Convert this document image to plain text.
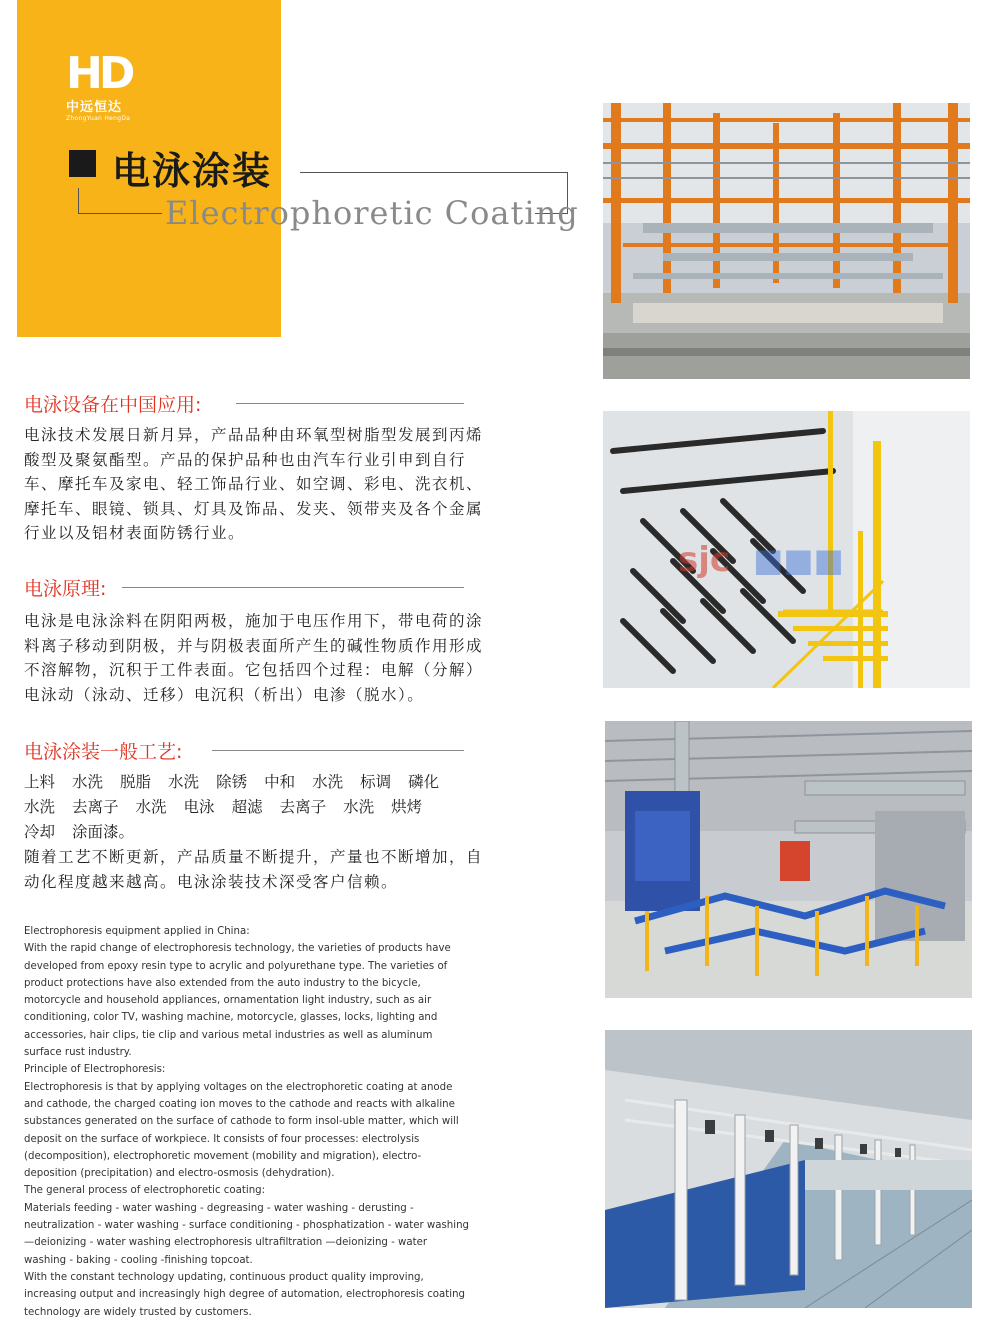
HD
中远恒达
ZhongYuan HengDa
电泳涂装
Electrophoretic Coating
电泳设备在中国应用:

电泳技术发展日新月异，产品品种由环氧型树脂型发展到丙烯酸型及聚氨酯型。产品的保护品种也由汽车行业引申到自行车、摩托车及家电、轻工饰品行业、如空调、彩电、洗衣机、摩托车、眼镜、锁具、灯具及饰品、发夹、领带夹及各个金属行业以及铝材表面防锈行业。

电泳原理:

电泳是电泳涂料在阴阳两极，施加于电压作用下，带电荷的涂料离子移动到阴极，并与阴极表面所产生的碱性物质作用形成不溶解物，沉积于工件表面。它包括四个过程：电解（分解）电泳动（泳动、迁移）电沉积（析出）电渗（脱水）。

电泳涂装一般工艺:
上料 水洗 脱脂 水洗 除锈 中和 水洗 标调 磷化
水洗 去离子 水洗 电泳 超滤 去离子 水洗 烘烤
冷却 涂面漆。
随着工艺不断更新，产品质量不断提升，产量也不断增加，自动化程度越来越高。电泳涂装技术深受客户信赖。

Electrophoresis equipment applied in China:

With the rapid change of electrophoresis technology, the varieties of products have developed from epoxy resin type to acrylic and polyurethane type. The varieties of product protections have also extended from the auto industry to the bicycle, motorcycle and household appliances, ornamentation light industry, such as air conditioning, color TV, washing machine, motorcycle, glasses, locks, lighting and accessories, hair clips, tie clip and various metal industries as well as aluminum surface rust industry.

Principle of Electrophoresis:

Electrophoresis is that by applying voltages on the electrophoretic coating at anode and cathode, the charged coating ion moves to the cathode and reacts with alkaline substances generated on the surface of cathode to form insol-uble matter, which will deposit on the surface of workpiece. It consists of four processes: electrolysis (decomposition), electrophoretic movement (mobility and migration), electro-deposition (precipitation) and electro-osmosis (dehydration).

The general process of electrophoretic coating:

Materials feeding - water washing - degreasing - water washing - derusting - neutralization - water washing - surface conditioning - phosphatization - water washing —deionizing - water washing electrophoresis ultrafiltration —deionizing - water washing - baking - cooling -finishing topcoat.

With the constant technology updating, continuous product quality improving, increasing output and increasingly high degree of automation, electrophoresis coating technology are widely trusted by customers.

sjc ■■■
